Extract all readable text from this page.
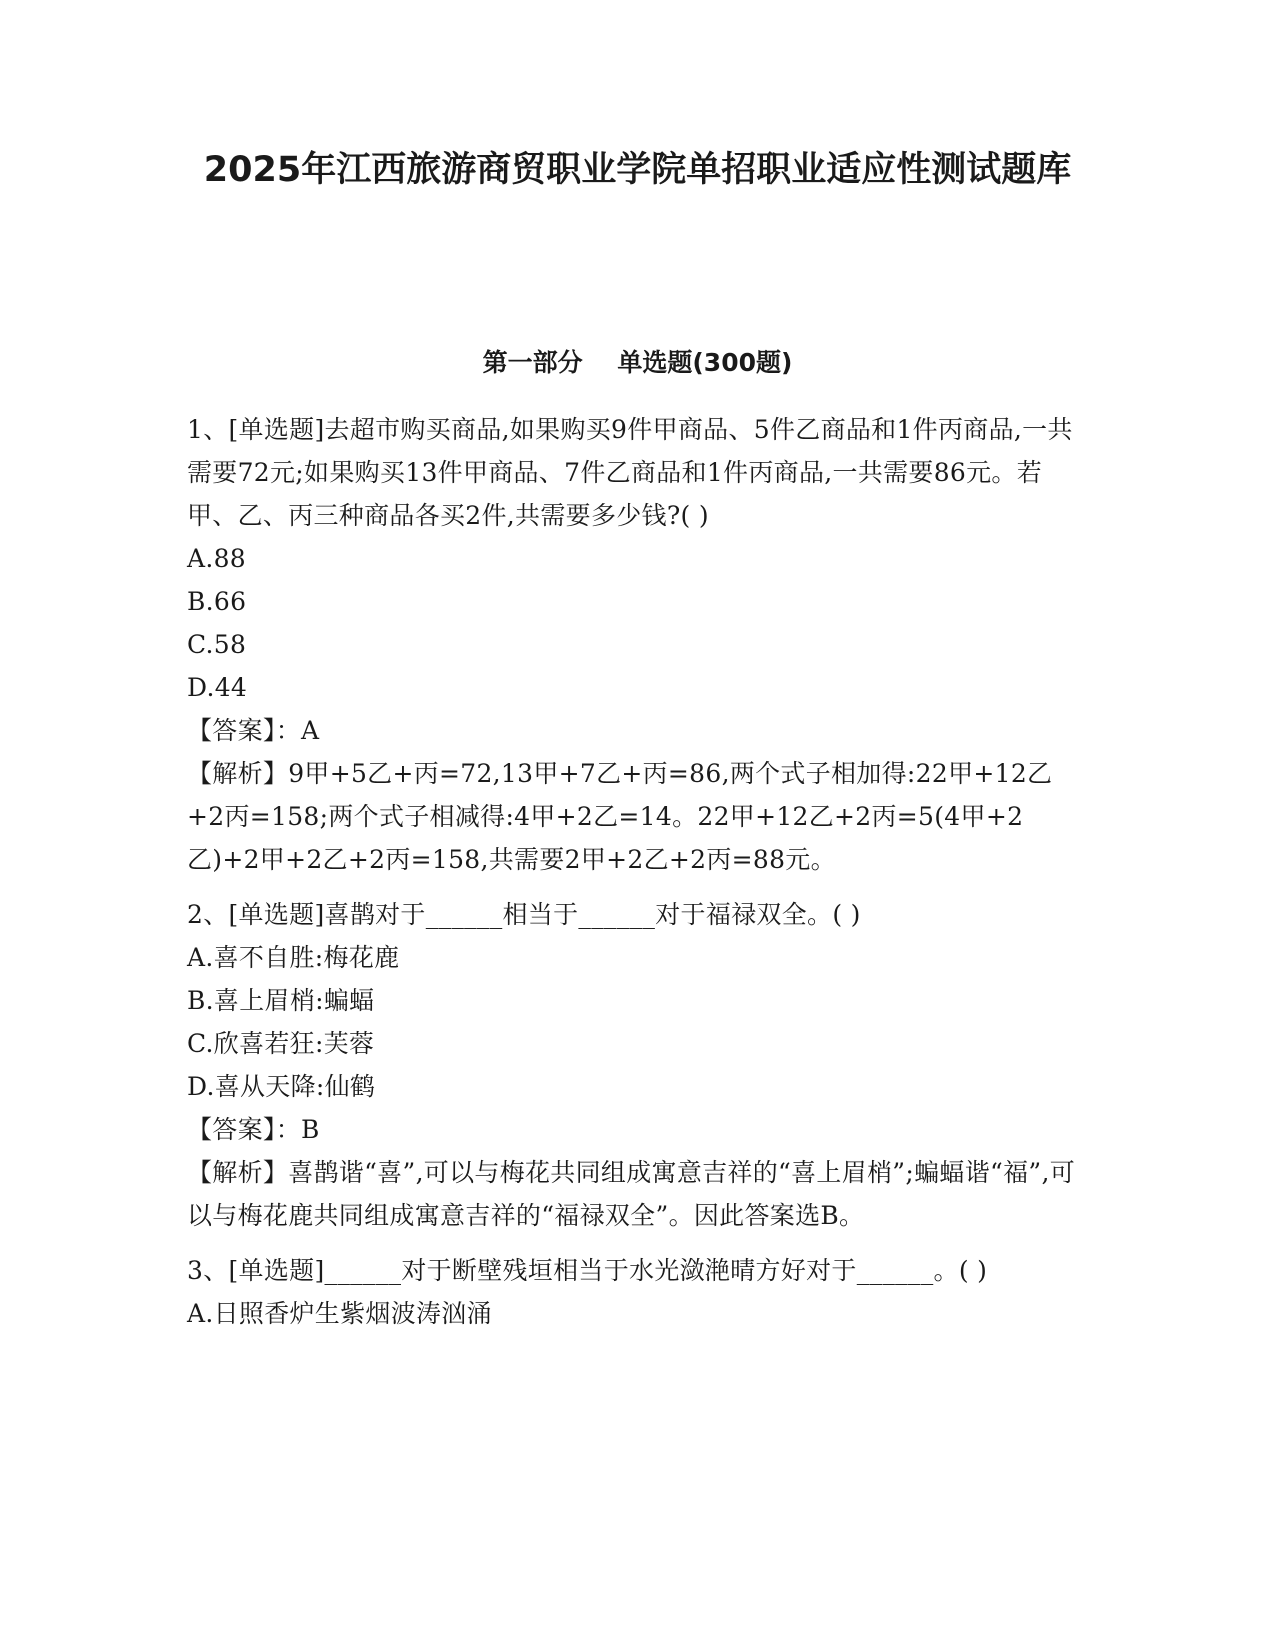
2025年江西旅游商贸职业学院单招职业适应性测试题库
第一部分    单选题(300题)

1、[单选题]去超市购买商品,如果购买9件甲商品、5件乙商品和1件丙商品,一共需要72元;如果购买13件甲商品、7件乙商品和1件丙商品,一共需要86元。若甲、乙、丙三种商品各买2件,共需要多少钱?( )

A.88
B.66
C.58
D.44

【答案】：A

【解析】9甲+5乙+丙=72,13甲+7乙+丙=86,两个式子相加得:22甲+12乙+2丙=158;两个式子相减得:4甲+2乙=14。22甲+12乙+2丙=5(4甲+2乙)+2甲+2乙+2丙=158,共需要2甲+2乙+2丙=88元。

2、[单选题]喜鹊对于______相当于______对于福禄双全。( )

A.喜不自胜:梅花鹿
B.喜上眉梢:蝙蝠
C.欣喜若狂:芙蓉
D.喜从天降:仙鹤

【答案】：B

【解析】喜鹊谐“喜”,可以与梅花共同组成寓意吉祥的“喜上眉梢”;蝙蝠谐“福”,可以与梅花鹿共同组成寓意吉祥的“福禄双全”。因此答案选B。

3、[单选题]______对于断壁残垣相当于水光潋滟晴方好对于______。( )

A.日照香炉生紫烟波涛汹涌
